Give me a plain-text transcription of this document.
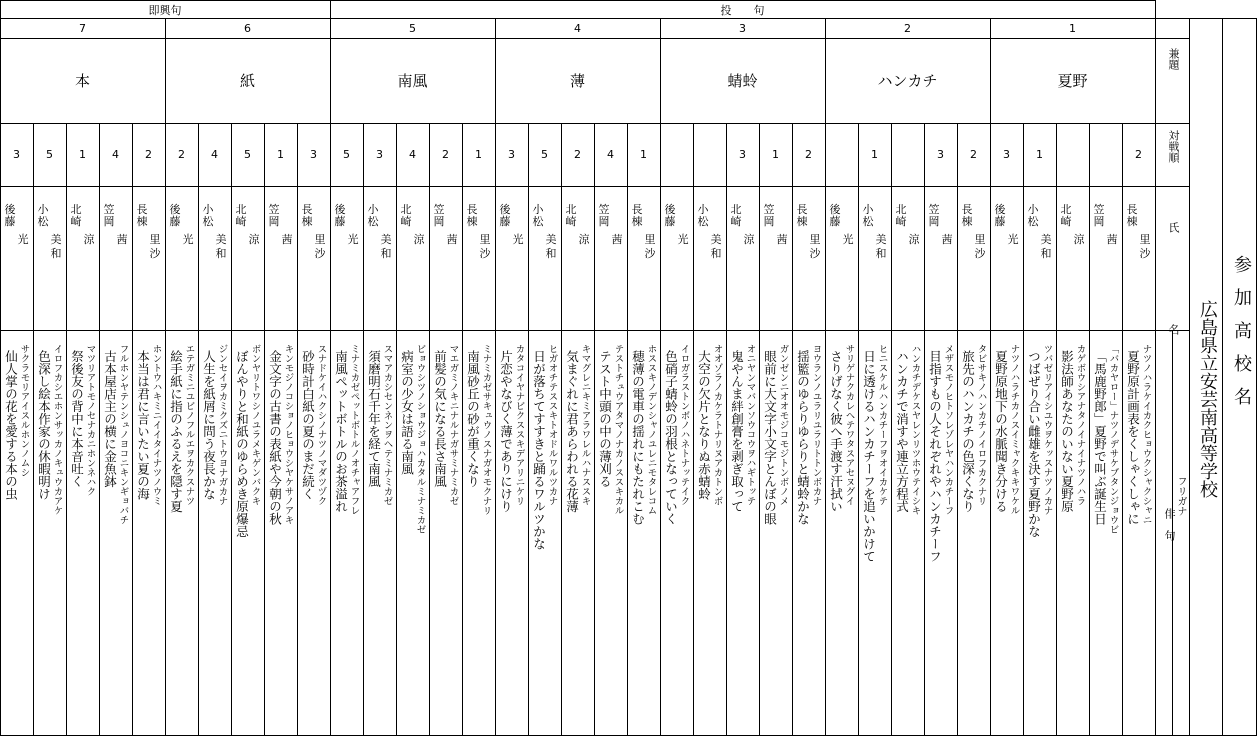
即興句	投　　句
兼題
対戦順
氏　名
俳　句
フリガナ 広島県立安芸南高等学校 参加高校名
7
本
3
後
藤
光
サクラモリアイスルホンノムシ
仙人掌の花を愛する本の虫
5
小
松
美
和
イロフカシエホンサッカノキュウカアケ
色深し絵本作家の休暇明け
1
北
崎
涼
マツリアトモノセナカニホンネハク
祭後友の背中に本音吐く
4
笠
岡
茜
フルホンヤテンシュノヨコニキンギョバチ
古本屋店主の横に金魚鉢
2
長
棟
里
沙
ホントウハキミニイイタイナツノウミ
本当は君に言いたい夏の海
6
紙
2
後
藤
光
エテガミニユビノフルエヲカクスナツ
絵手紙に指のふるえを隠す夏
4
小
松
美
和
ジンセイヲカミクズニトウヨナガカナ
人生を紙屑に問う夜長かな
5
北
崎
涼
ボンヤリトワシノユラメキゲンバクキ
ぼんやりと和紙のゆらめき原爆忌
1
笠
岡
茜
キンモジノコショノヒョウシヤケサノアキ
金文字の古書の表紙や今朝の秋
3
長
棟
里
沙
スナドケイハクシノナツノマダツヅク
砂時計白紙の夏のまだ続く
5
南風
5
後
藤
光
ミナミカゼペットボトルノオチャアフレ
南風ペットボトルのお茶溢れ
3
小
松
美
和
スマアカシセンネンヲヘテミナミカゼ
須磨明石千年を経て南風
4
北
崎
涼
ビョウシツノショウジョハカタルミナミカゼ
病室の少女は語る南風
2
笠
岡
茜
マエガミノキニナルナガサミナミカゼ
前髪の気になる長さ南風
1
長
棟
里
沙
ミナミカゼサキュウノスナガオモクナリ
南風砂丘の砂が重くなり
4
薄
3
後
藤
光
カタコイヤナビクススキデアリニケリ
片恋やなびく薄でありにけり
5
小
松
美
和
ヒガオチテススキトオドルワルツカナ
日が落ちてすすきと踊るワルツかな
2
北
崎
涼
キマグレニキミアラワレルハナススキ
気まぐれに君あらわれる花薄
4
笠
岡
茜
テストチュウアタマノナカノススキカル
テスト中頭の中の薄刈る
1
長
棟
里
沙
ホススキノデンシャノユレニモタレコム
穂薄の電車の揺れにもたれこむ
3
蜻蛉
後
藤
光
イロガラストンボノハネトナッテイク
色硝子蜻蛉の羽根となっていく
小
松
美
和
オオゾラノカケラトナリヌアカトンボ
大空の欠片となりぬ赤蜻蛉
3
北
崎
涼
オニヤンマバンソウコウヲハギトッテ
鬼やんま絆創膏を剥ぎ取って
1
笠
岡
茜
ガンゼンニオオモジコモジトンボノメ
眼前に大文字小文字とんぼの眼
2
長
棟
里
沙
ヨウランノユラリユラリトトンボカナ
揺籃のゆらりゆらりと蜻蛉かな
2
ハンカチ
後
藤
光
サリゲナクカレヘテワタスアセヌグイ
さりげなく彼へ手渡す汗拭い
1
小
松
美
和
ヒニスケルハンカチーフヲオイカケテ
日に透けるハンカチーフを追いかけて
北
崎
涼
ハンカチデケスヤレンリツホウテイシキ
ハンカチで消すや連立方程式
3
笠
岡
茜
メザスモノヒトソレゾレヤハンカチーフ
目指すもの人それぞれやハンカチーフ
2
長
棟
里
沙
タビサキノハンカチノイロフカクナリ
旅先のハンカチの色深くなり
1
夏野
3
後
藤
光
ナツノハラチカノスイミャクキキワケル
夏野原地下の水脈聞き分ける
1
小
松
美
和
ツバゼリアイシユウヲケッスナツノカナ
つばぜり合い雌雄を決す夏野かな
北
崎
涼
カゲボウシアナタノイナイナツノハラ
影法師あなたのいない夏野原
笠
岡
茜
「バカヤロー」ナツノデサケブタンジョウビ
「馬鹿野郎」夏野で叫ぶ誕生日
2
長
棟
里
沙
ナツノハラケイカクヒョウクシャクシャニ
夏野原計画表をくしゃくしゃに
